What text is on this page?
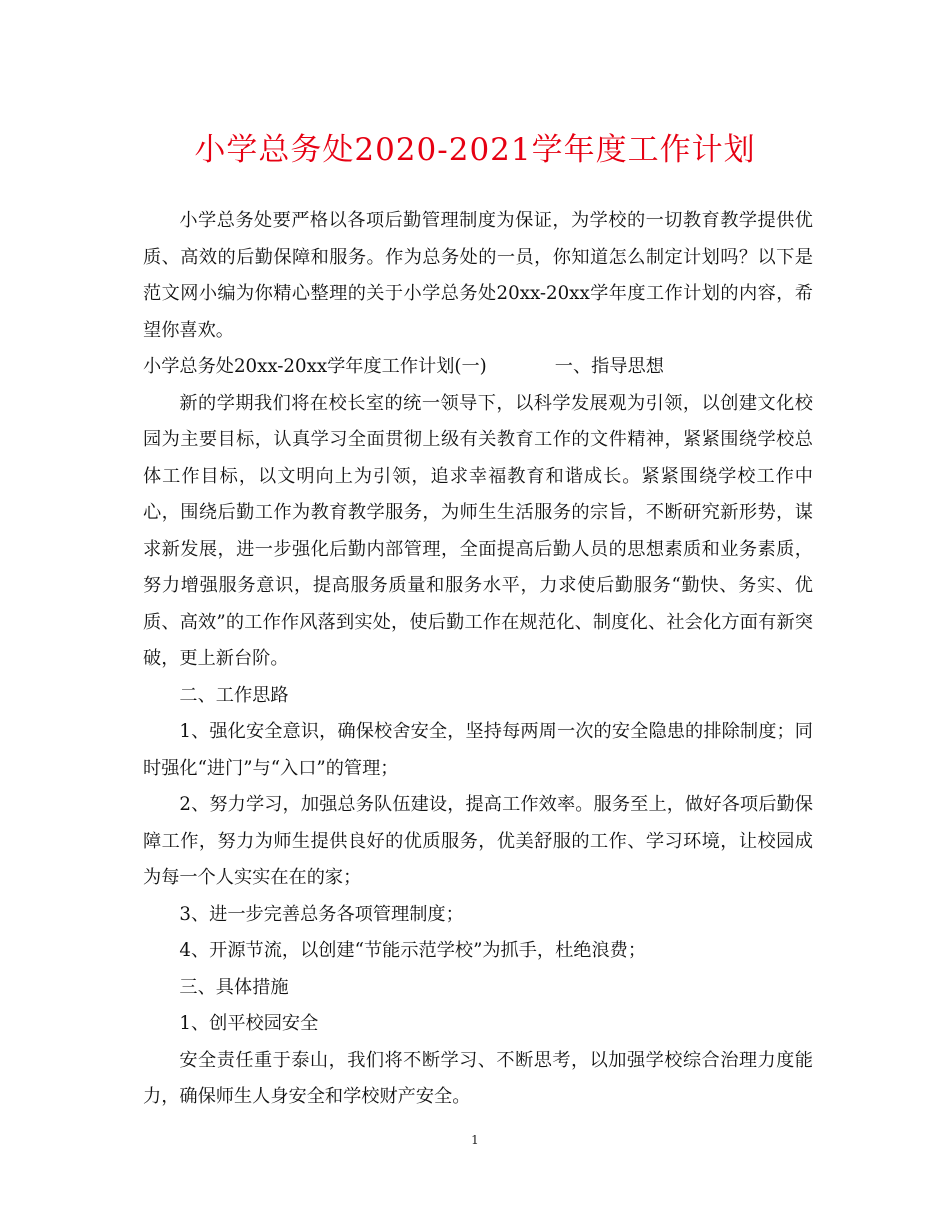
小学总务处2020-2021学年度工作计划

小学总务处要严格以各项后勤管理制度为保证，为学校的一切教育教学提供优质、高效的后勤保障和服务。作为总务处的一员，你知道怎么制定计划吗？以下是范文网小编为你精心整理的关于小学总务处20xx-20xx学年度工作计划的内容，希望你喜欢。

小学总务处20xx-20xx学年度工作计划(一)	一、指导思想

新的学期我们将在校长室的统一领导下，以科学发展观为引领，以创建文化校园为主要目标，认真学习全面贯彻上级有关教育工作的文件精神，紧紧围绕学校总体工作目标，以文明向上为引领，追求幸福教育和谐成长。紧紧围绕学校工作中心，围绕后勤工作为教育教学服务，为师生生活服务的宗旨，不断研究新形势，谋求新发展，进一步强化后勤内部管理，全面提高后勤人员的思想素质和业务素质，努力增强服务意识，提高服务质量和服务水平，力求使后勤服务“勤快、务实、优质、高效”的工作作风落到实处，使后勤工作在规范化、制度化、社会化方面有新突破，更上新台阶。

二、工作思路

1、强化安全意识，确保校舍安全，坚持每两周一次的安全隐患的排除制度；同时强化“进门”与“入口”的管理；

2、努力学习，加强总务队伍建设，提高工作效率。服务至上，做好各项后勤保障工作，努力为师生提供良好的优质服务，优美舒服的工作、学习环境，让校园成为每一个人实实在在的家；

3、进一步完善总务各项管理制度；

4、开源节流，以创建“节能示范学校”为抓手，杜绝浪费；

三、具体措施

1、创平校园安全

安全责任重于泰山，我们将不断学习、不断思考，以加强学校综合治理力度能力，确保师生人身安全和学校财产安全。

1
